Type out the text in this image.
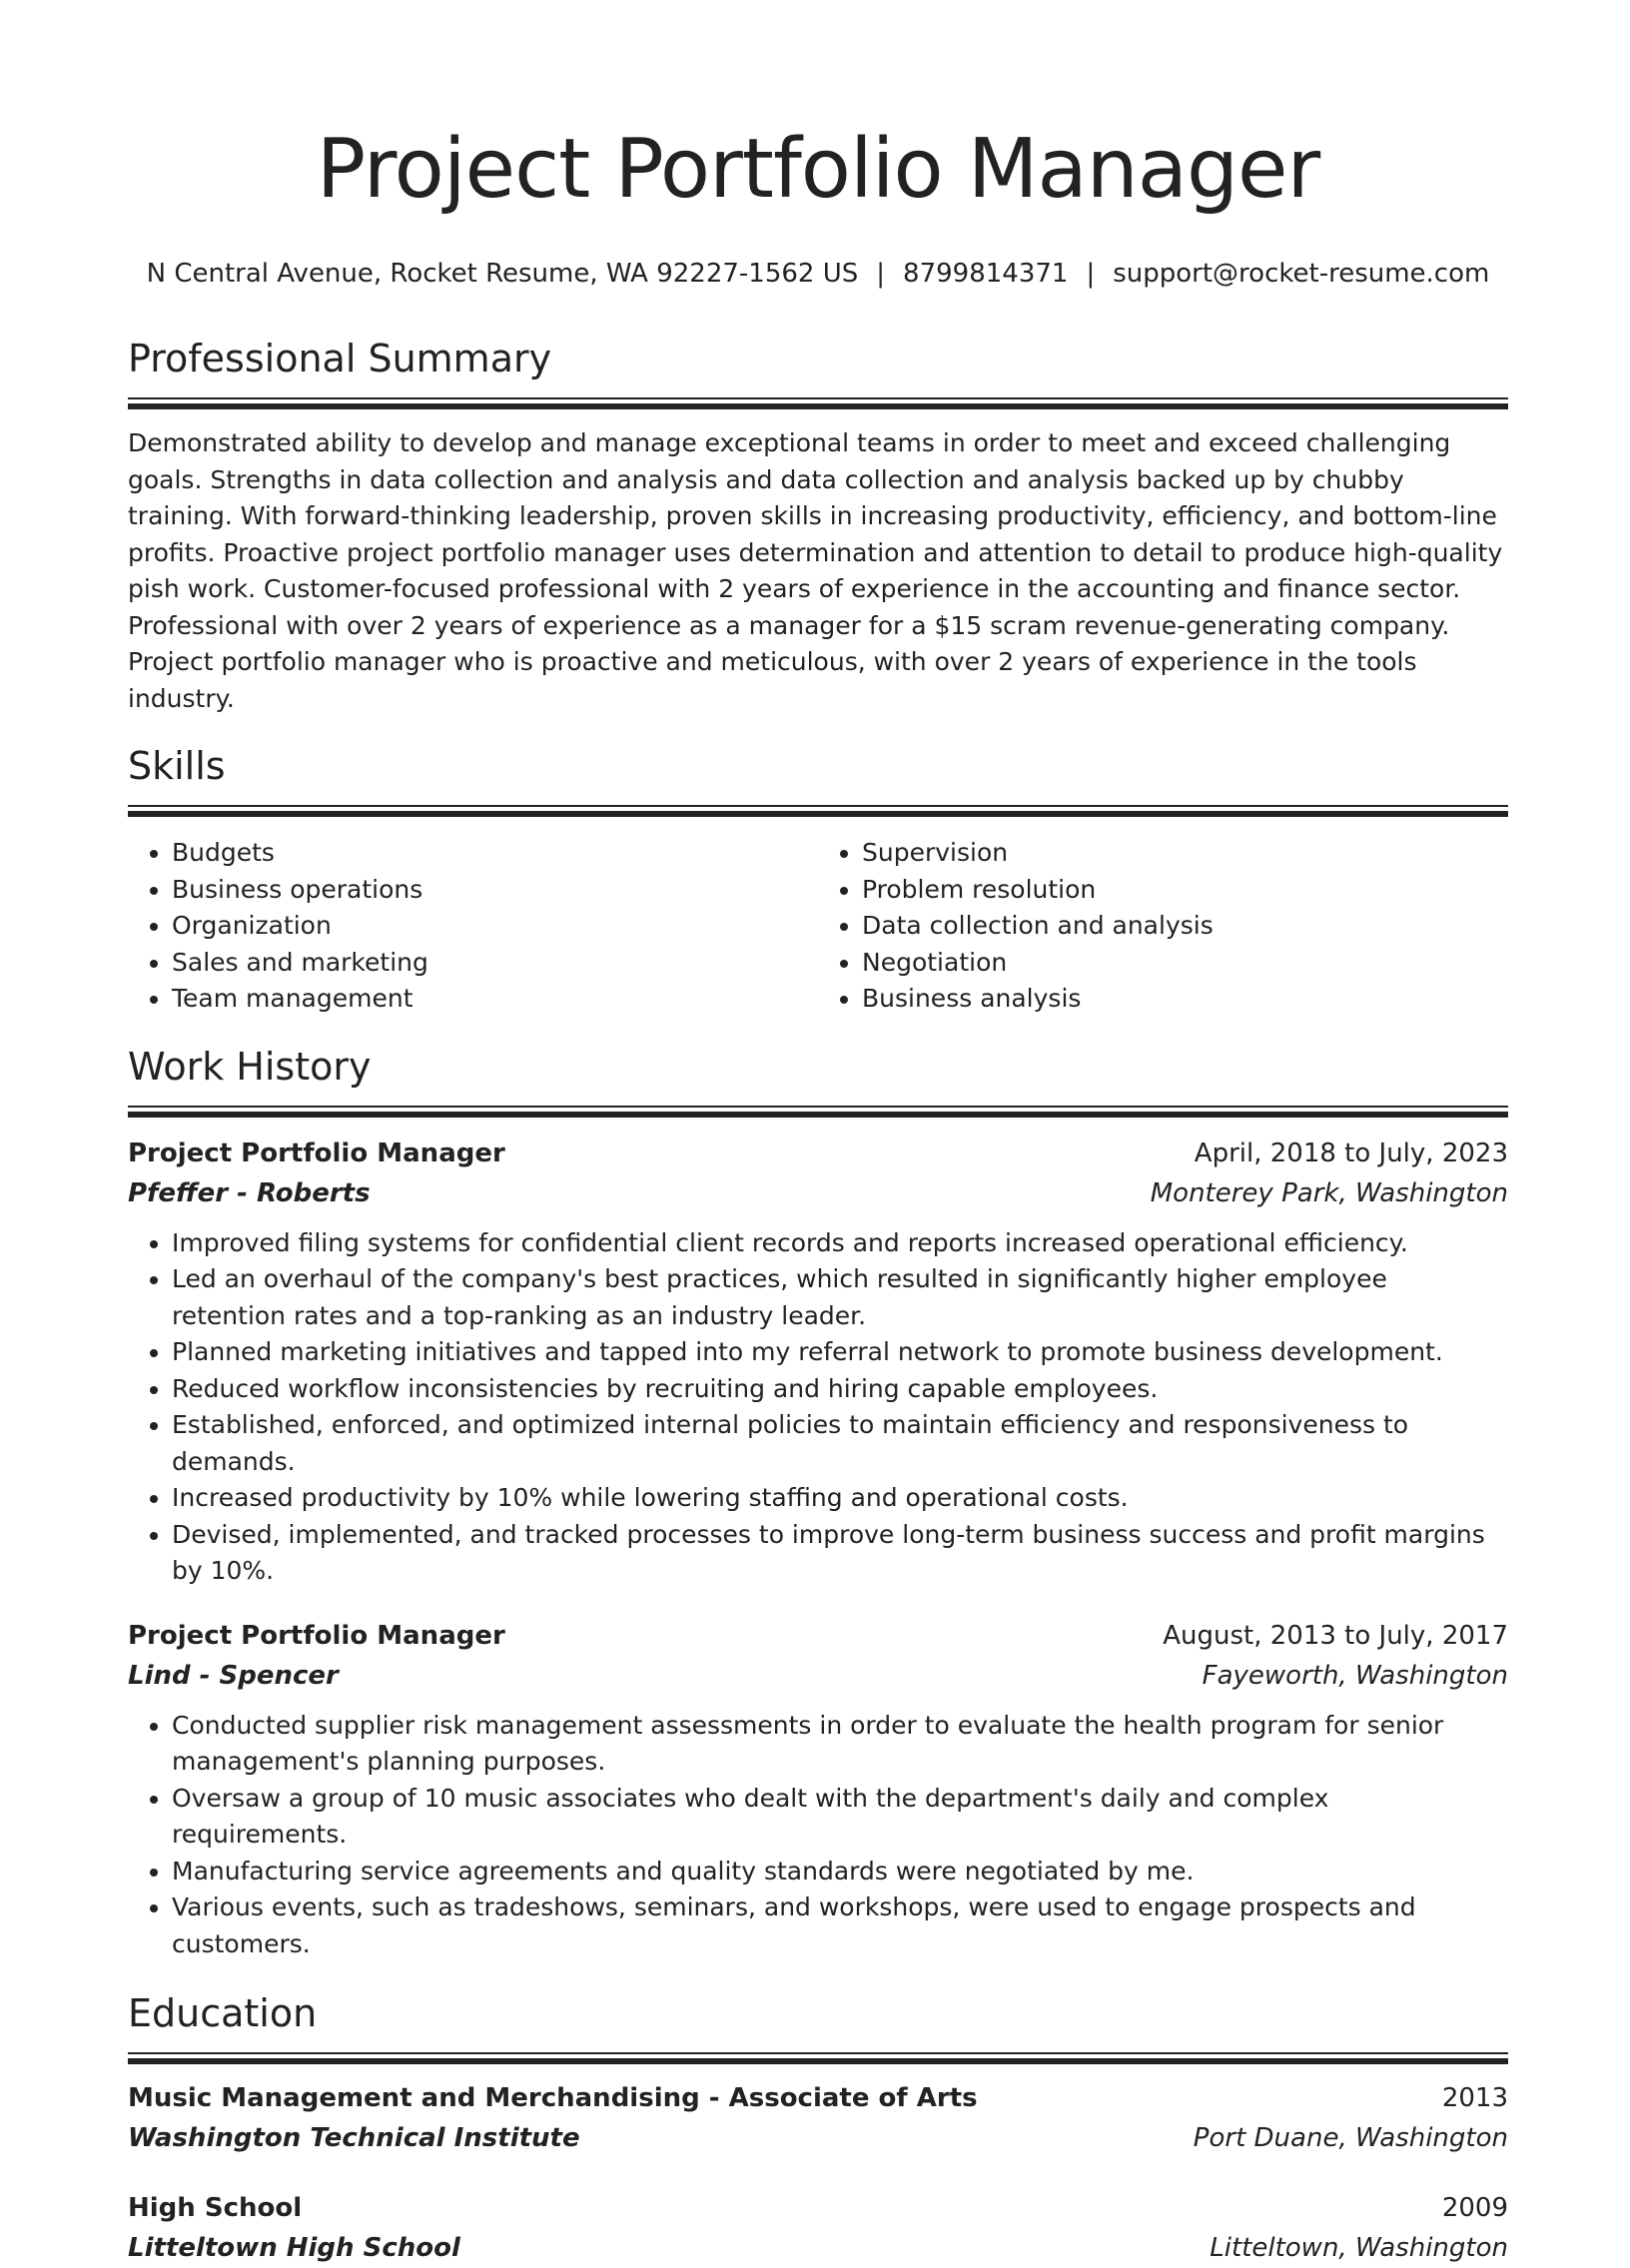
Project Portfolio Manager
N Central Avenue, Rocket Resume, WA 92227-1562 US | 8799814371 | support@rocket-resume.com
Professional Summary
Demonstrated ability to develop and manage exceptional teams in order to meet and exceed challenging goals. Strengths in data collection and analysis and data collection and analysis backed up by chubby training. With forward-thinking leadership, proven skills in increasing productivity, efficiency, and bottom-line profits. Proactive project portfolio manager uses determination and attention to detail to produce high-quality pish work. Customer-focused professional with 2 years of experience in the accounting and finance sector. Professional with over 2 years of experience as a manager for a $15 scram revenue-generating company. Project portfolio manager who is proactive and meticulous, with over 2 years of experience in the tools industry.
Skills
• Budgets
• Business operations
• Organization
• Sales and marketing
• Team management
• Supervision
• Problem resolution
• Data collection and analysis
• Negotiation
• Business analysis
Work History
Project Portfolio Manager	April, 2018 to July, 2023
Pfeffer - Roberts	Monterey Park, Washington
• Improved filing systems for confidential client records and reports increased operational efficiency.
• Led an overhaul of the company's best practices, which resulted in significantly higher employee retention rates and a top-ranking as an industry leader.
• Planned marketing initiatives and tapped into my referral network to promote business development.
• Reduced workflow inconsistencies by recruiting and hiring capable employees.
• Established, enforced, and optimized internal policies to maintain efficiency and responsiveness to demands.
• Increased productivity by 10% while lowering staffing and operational costs.
• Devised, implemented, and tracked processes to improve long-term business success and profit margins by 10%.
Project Portfolio Manager	August, 2013 to July, 2017
Lind - Spencer	Fayeworth, Washington
• Conducted supplier risk management assessments in order to evaluate the health program for senior management's planning purposes.
• Oversaw a group of 10 music associates who dealt with the department's daily and complex requirements.
• Manufacturing service agreements and quality standards were negotiated by me.
• Various events, such as tradeshows, seminars, and workshops, were used to engage prospects and customers.
Education
Music Management and Merchandising - Associate of Arts	2013
Washington Technical Institute	Port Duane, Washington
High School	2009
Litteltown High School	Litteltown, Washington
